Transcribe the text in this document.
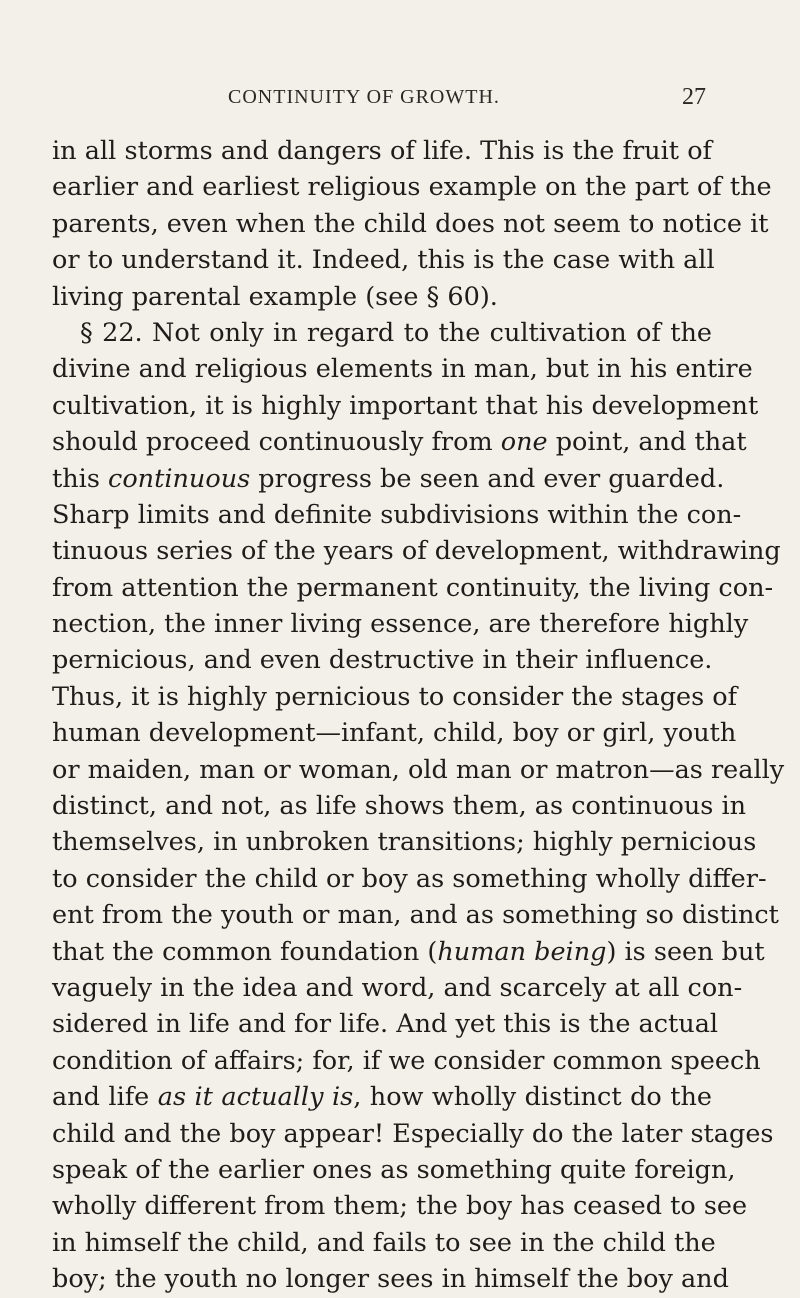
CONTINUITY OF GROWTH.	27
in all storms and dangers of life. This is the fruit of
earlier and earliest religious example on the part of the
parents, even when the child does not seem to notice it
or to understand it. Indeed, this is the case with all
living parental example (see § 60).
§ 22. Not only in regard to the cultivation of the
divine and religious elements in man, but in his entire
cultivation, it is highly important that his development
should proceed continuously from one point, and that
this continuous progress be seen and ever guarded.
Sharp limits and definite subdivisions within the con-
tinuous series of the years of development, withdrawing
from attention the permanent continuity, the living con-
nection, the inner living essence, are therefore highly
pernicious, and even destructive in their influence.
Thus, it is highly pernicious to consider the stages of
human development—infant, child, boy or girl, youth
or maiden, man or woman, old man or matron—as really
distinct, and not, as life shows them, as continuous in
themselves, in unbroken transitions; highly pernicious
to consider the child or boy as something wholly differ-
ent from the youth or man, and as something so distinct
that the common foundation (human being) is seen but
vaguely in the idea and word, and scarcely at all con-
sidered in life and for life. And yet this is the actual
condition of affairs; for, if we consider common speech
and life as it actually is, how wholly distinct do the
child and the boy appear! Especially do the later stages
speak of the earlier ones as something quite foreign,
wholly different from them; the boy has ceased to see
in himself the child, and fails to see in the child the
boy; the youth no longer sees in himself the boy and
